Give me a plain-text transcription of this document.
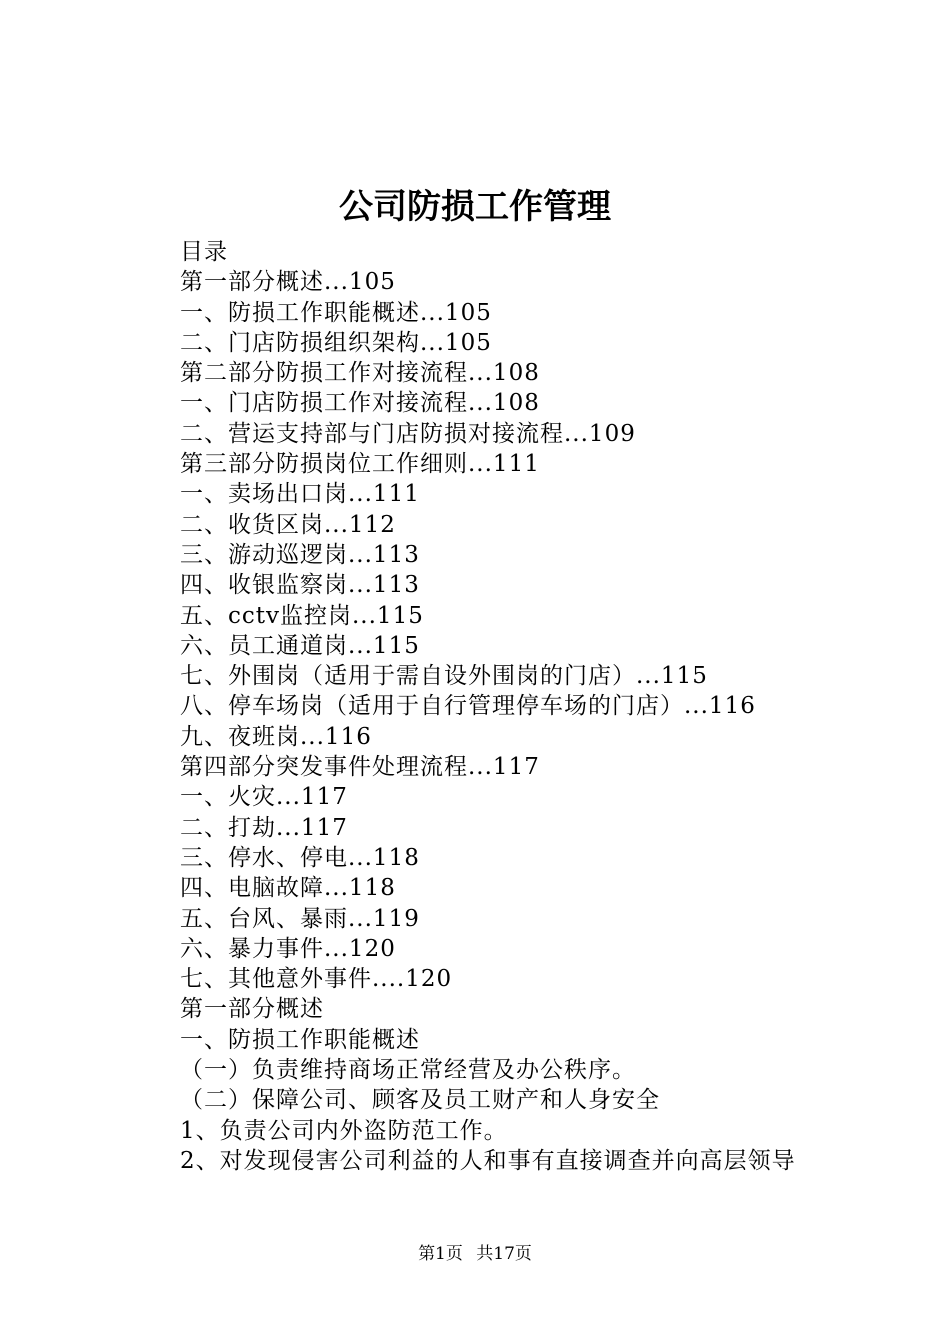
公司防损工作管理
目录
第一部分概述...105
一、防损工作职能概述...105
二、门店防损组织架构...105
第二部分防损工作对接流程...108
一、门店防损工作对接流程...108
二、营运支持部与门店防损对接流程...109
第三部分防损岗位工作细则...111
一、卖场出口岗...111
二、收货区岗...112
三、游动巡逻岗...113
四、收银监察岗...113
五、cctv监控岗...115
六、员工通道岗...115
七、外围岗（适用于需自设外围岗的门店）...115
八、停车场岗（适用于自行管理停车场的门店）...116
九、夜班岗...116
第四部分突发事件处理流程...117
一、火灾...117
二、打劫...117
三、停水、停电...118
四、电脑故障...118
五、台风、暴雨...119
六、暴力事件...120
七、其他意外事件....120
第一部分概述
一、防损工作职能概述
（一）负责维持商场正常经营及办公秩序。
（二）保障公司、顾客及员工财产和人身安全
1、负责公司内外盗防范工作。
2、对发现侵害公司利益的人和事有直接调查并向高层领导
第1页 共17页
